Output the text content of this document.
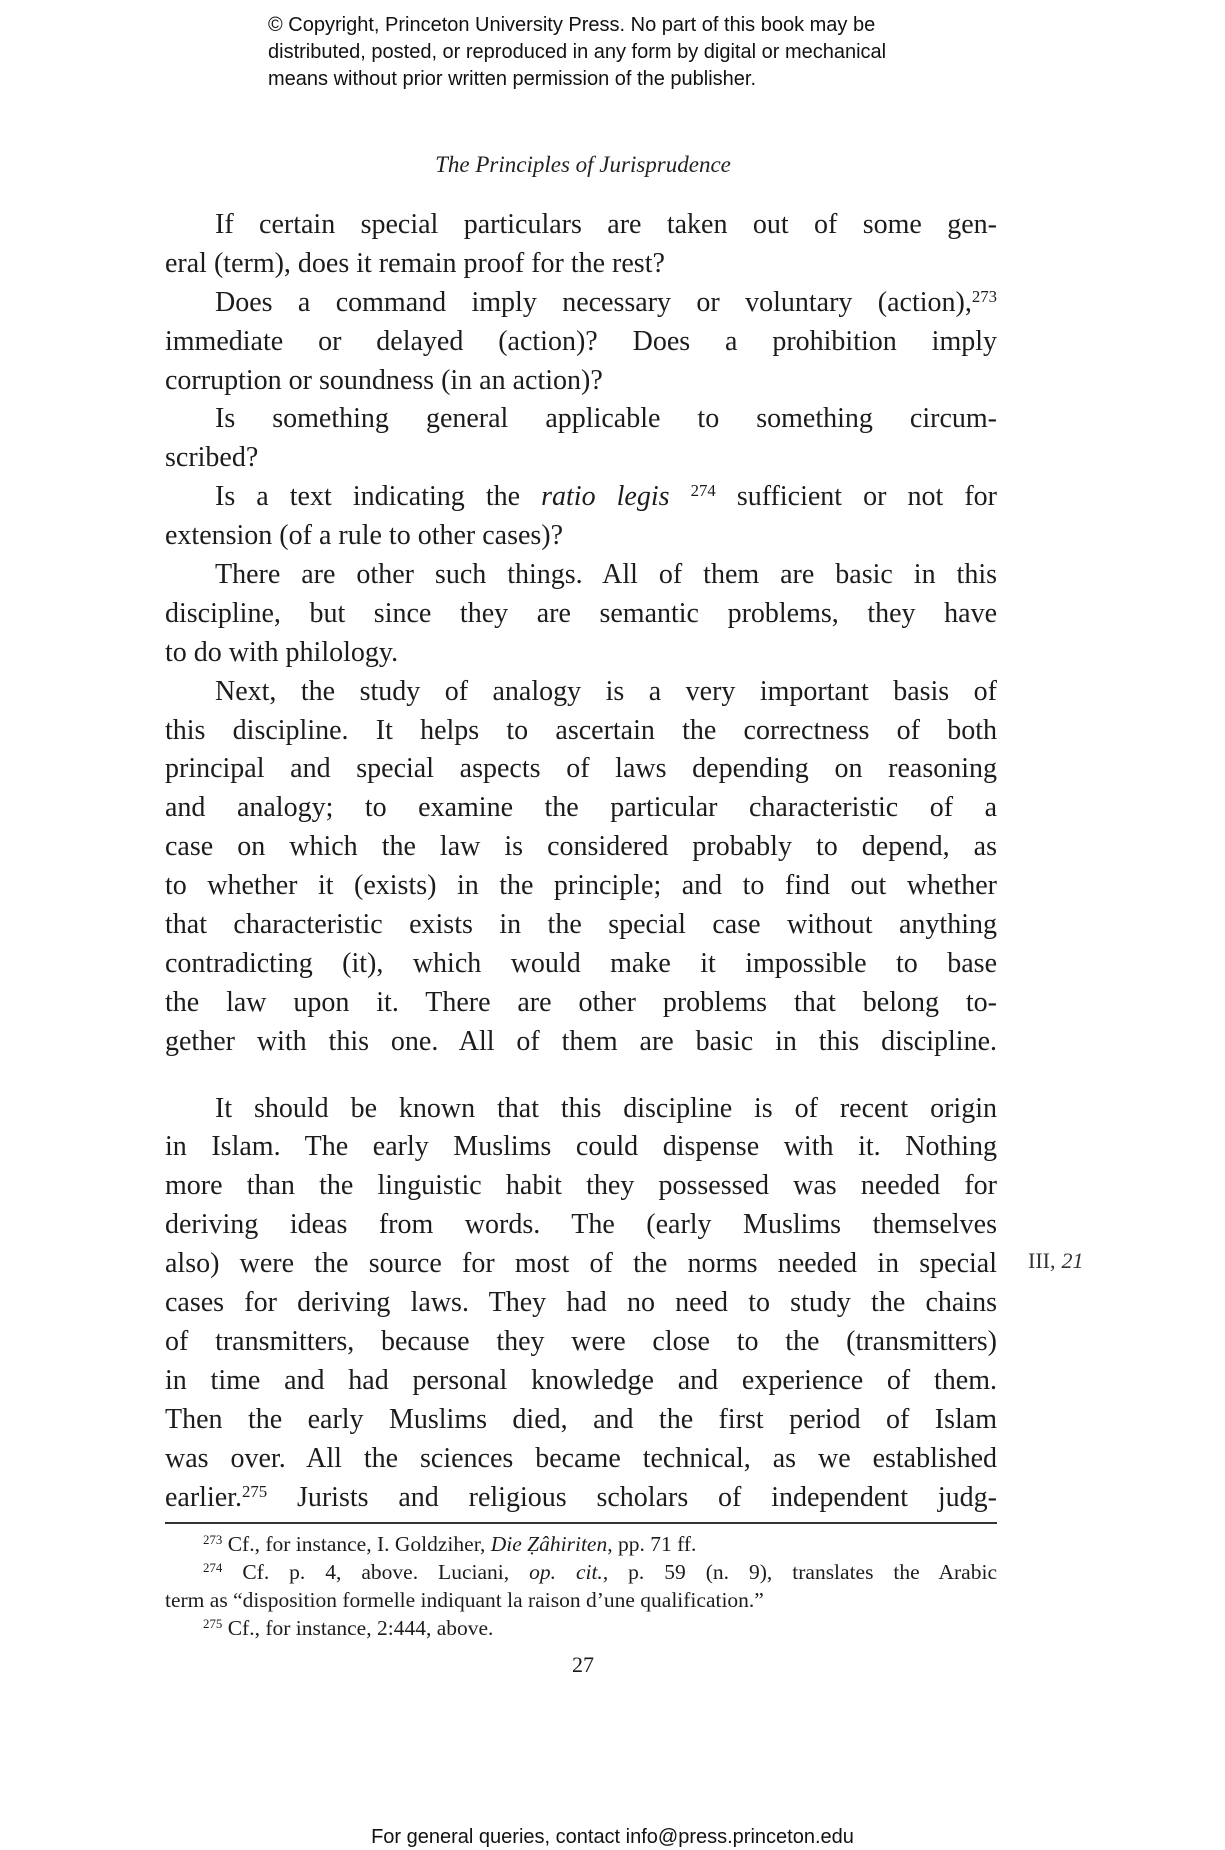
© Copyright, Princeton University Press. No part of this book may be
distributed, posted, or reproduced in any form by digital or mechanical
means without prior written permission of the publisher.
The Principles of Jurisprudence
If certain special particulars are taken out of some gen-
eral (term), does it remain proof for the rest?
Does a command imply necessary or voluntary (action),$^{273}$
immediate or delayed (action)? Does a prohibition imply
corruption or soundness (in an action)?
Is something general applicable to something circum-
scribed?
Is a text indicating the ratio legis $^{274}$ sufficient or not for
extension (of a rule to other cases)?
There are other such things. All of them are basic in this
discipline, but since they are semantic problems, they have
to do with philology.
Next, the study of analogy is a very important basis of
this discipline. It helps to ascertain the correctness of both
principal and special aspects of laws depending on reasoning
and analogy; to examine the particular characteristic of a
case on which the law is considered probably to depend, as
to whether it (exists) in the principle; and to find out whether
that characteristic exists in the special case without anything
contradicting (it), which would make it impossible to base
the law upon it. There are other problems that belong to-
gether with this one. All of them are basic in this discipline.
It should be known that this discipline is of recent origin
in Islam. The early Muslims could dispense with it. Nothing
more than the linguistic habit they possessed was needed for
deriving ideas from words. The (early Muslims themselves
also) were the source for most of the norms needed in special
cases for deriving laws. They had no need to study the chains
of transmitters, because they were close to the (transmitters)
in time and had personal knowledge and experience of them.
Then the early Muslims died, and the first period of Islam
was over. All the sciences became technical, as we established
earlier.$^{275}$ Jurists and religious scholars of independent judg-
III, 21
$^{273}$ Cf., for instance, I. Goldziher, Die Ẓâhiriten, pp. 71 ff.
$^{274}$ Cf. p. 4, above. Luciani, op. cit., p. 59 (n. 9), translates the Arabic
term as “disposition formelle indiquant la raison d’une qualification.”
$^{275}$ Cf., for instance, 2:444, above.
27
For general queries, contact info@press.princeton.edu
